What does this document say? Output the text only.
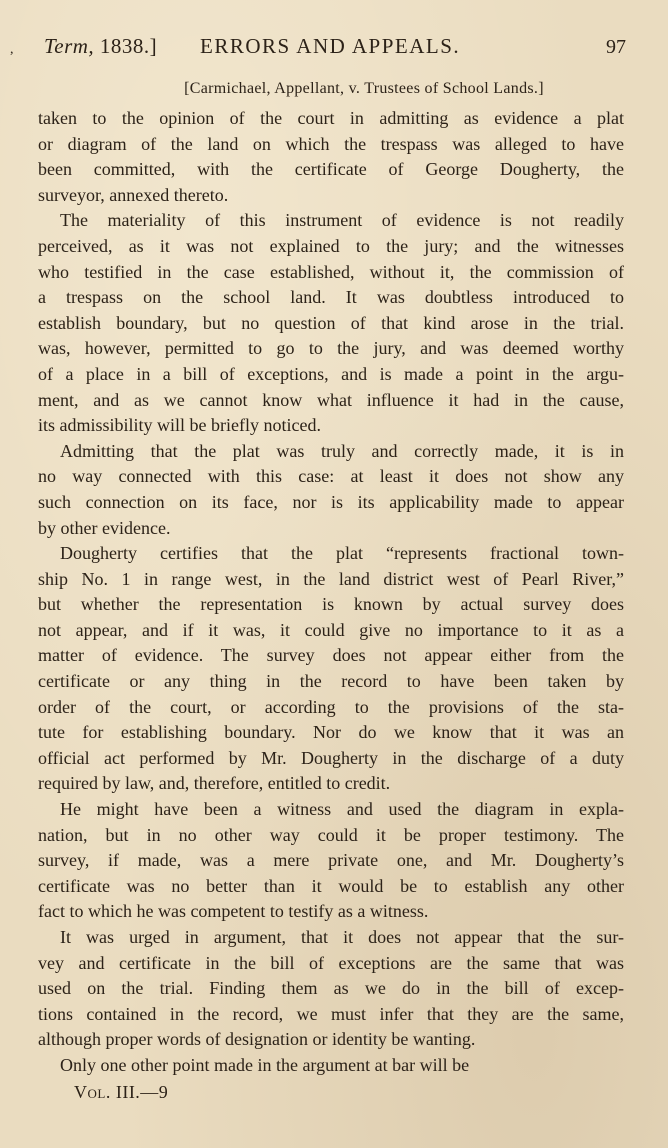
, Term, 1838.] ERRORS AND APPEALS.	97
[Carmichael, Appellant, v. Trustees of School Lands.]

taken to the opinion of the court in admitting as evidence a plat

or diagram of the land on which the trespass was alleged to have

been committed, with the certificate of George Dougherty, the

surveyor, annexed thereto.

The materiality of this instrument of evidence is not readily

perceived, as it was not explained to the jury; and the witnesses

who testified in the case established, without it, the commission of

a trespass on the school land. It was doubtless introduced to

establish boundary, but no question of that kind arose in the trial.

was, however, permitted to go to the jury, and was deemed worthy

of a place in a bill of exceptions, and is made a point in the argu-

ment, and as we cannot know what influence it had in the cause,

its admissibility will be briefly noticed.

Admitting that the plat was truly and correctly made, it is in

no way connected with this case: at least it does not show any

such connection on its face, nor is its applicability made to appear

by other evidence.

Dougherty certifies that the plat “represents fractional town-

ship No. 1 in range west, in the land district west of Pearl River,”

but whether the representation is known by actual survey does

not appear, and if it was, it could give no importance to it as a

matter of evidence. The survey does not appear either from the

certificate or any thing in the record to have been taken by

order of the court, or according to the provisions of the sta-

tute for establishing boundary. Nor do we know that it was an

official act performed by Mr. Dougherty in the discharge of a duty

required by law, and, therefore, entitled to credit.

He might have been a witness and used the diagram in expla-

nation, but in no other way could it be proper testimony. The

survey, if made, was a mere private one, and Mr. Dougherty’s

certificate was no better than it would be to establish any other

fact to which he was competent to testify as a witness.

It was urged in argument, that it does not appear that the sur-

vey and certificate in the bill of exceptions are the same that was

used on the trial. Finding them as we do in the bill of excep-

tions contained in the record, we must infer that they are the same,

although proper words of designation or identity be wanting.

Only one other point made in the argument at bar will be

Vol. III.—9
